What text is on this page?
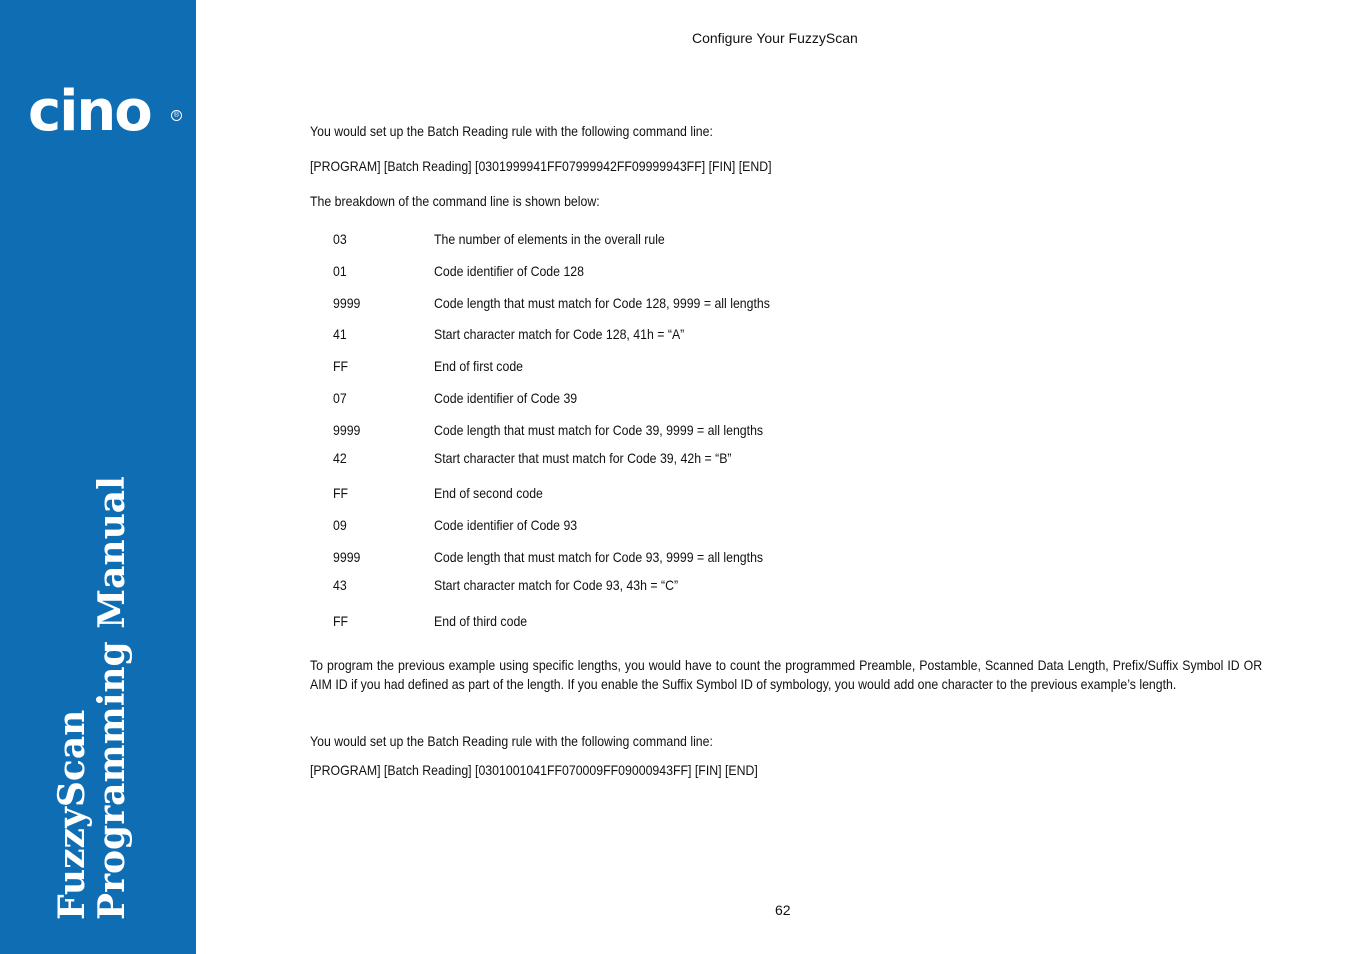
cino	®
FuzzyScan
Programming Manual
Configure Your FuzzyScan
You would set up the Batch Reading rule with the following command line:
[PROGRAM] [Batch Reading] [0301999941FF07999942FF09999943FF] [FIN] [END]
The breakdown of the command line is shown below:
03	The number of elements in the overall rule
01	Code identifier of Code 128
9999	Code length that must match for Code 128, 9999 = all lengths
41	Start character match for Code 128, 41h = “A”
FF	End of first code
07	Code identifier of Code 39
9999	Code length that must match for Code 39, 9999 = all lengths
42	Start character that must match for Code 39, 42h = “B”
FF	End of second code
09	Code identifier of Code 93
9999	Code length that must match for Code 93, 9999 = all lengths
43	Start character match for Code 93, 43h = “C”
FF	End of third code
To program the previous example using specific lengths, you would have to count the programmed Preamble, Postamble, Scanned Data Length, Prefix/Suffix Symbol ID OR AIM ID if you had defined as part of the length. If you enable the Suffix Symbol ID of symbology, you would add one character to the previous example’s length.
You would set up the Batch Reading rule with the following command line:
[PROGRAM] [Batch Reading] [0301001041FF070009FF09000943FF] [FIN] [END]
62
